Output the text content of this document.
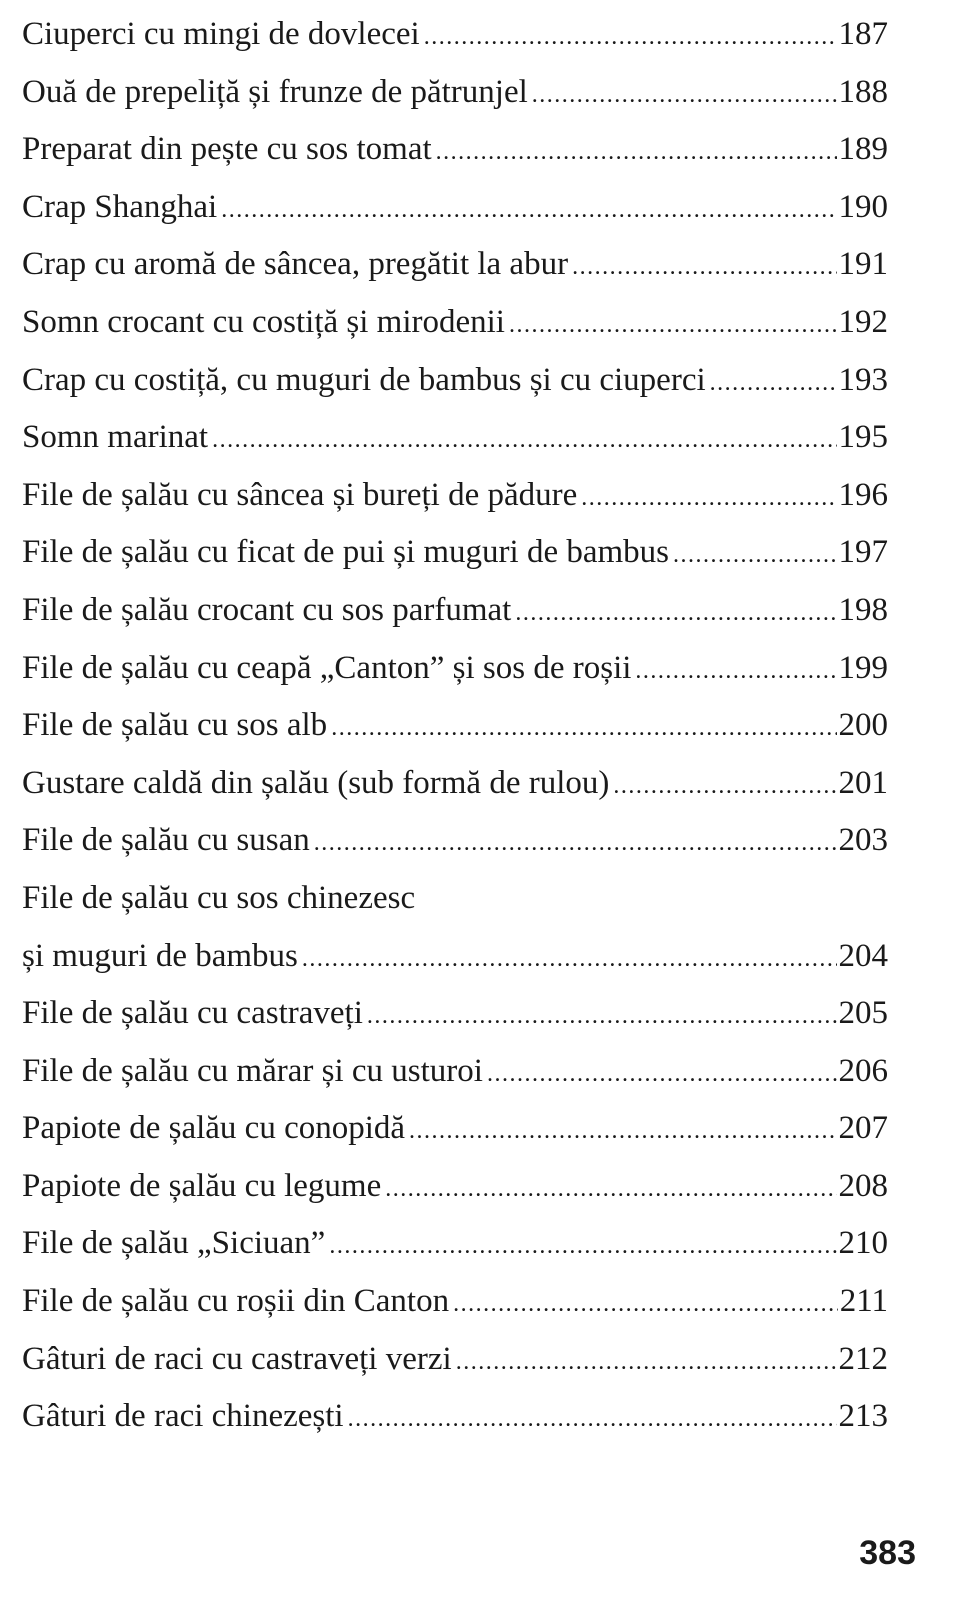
Ciuperci cu mingi de dovlecei .....	187
Ouă de prepeliță și frunze de pătrunjel .....	188
Preparat din pește cu sos tomat .....	189
Crap Shanghai .....	190
Crap cu aromă de sâncea, pregătit la abur .....	191
Somn crocant cu costiță și mirodenii .....	192
Crap cu costiță, cu muguri de bambus și cu ciuperci .....	193
Somn marinat .....	195
File de șalău cu sâncea și bureți de pădure .....	196
File de șalău cu ficat de pui și muguri de bambus .....	197
File de șalău crocant cu sos parfumat .....	198
File de șalău cu ceapă „Canton” și sos de roșii .....	199
File de șalău cu sos alb .....	200
Gustare caldă din șalău (sub formă de rulou) .....	201
File de șalău cu susan .....	203
File de șalău cu sos chinezesc
și muguri de bambus .....	204
File de șalău cu castraveți .....	205
File de șalău cu mărar și cu usturoi .....	206
Papiote de șalău cu conopidă .....	207
Papiote de șalău cu legume .....	208
File de șalău „Siciuan” .....	210
File de șalău cu roșii din Canton .....	211
Gâturi de raci cu castraveți verzi .....	212
Gâturi de raci chinezești .....	213
383
